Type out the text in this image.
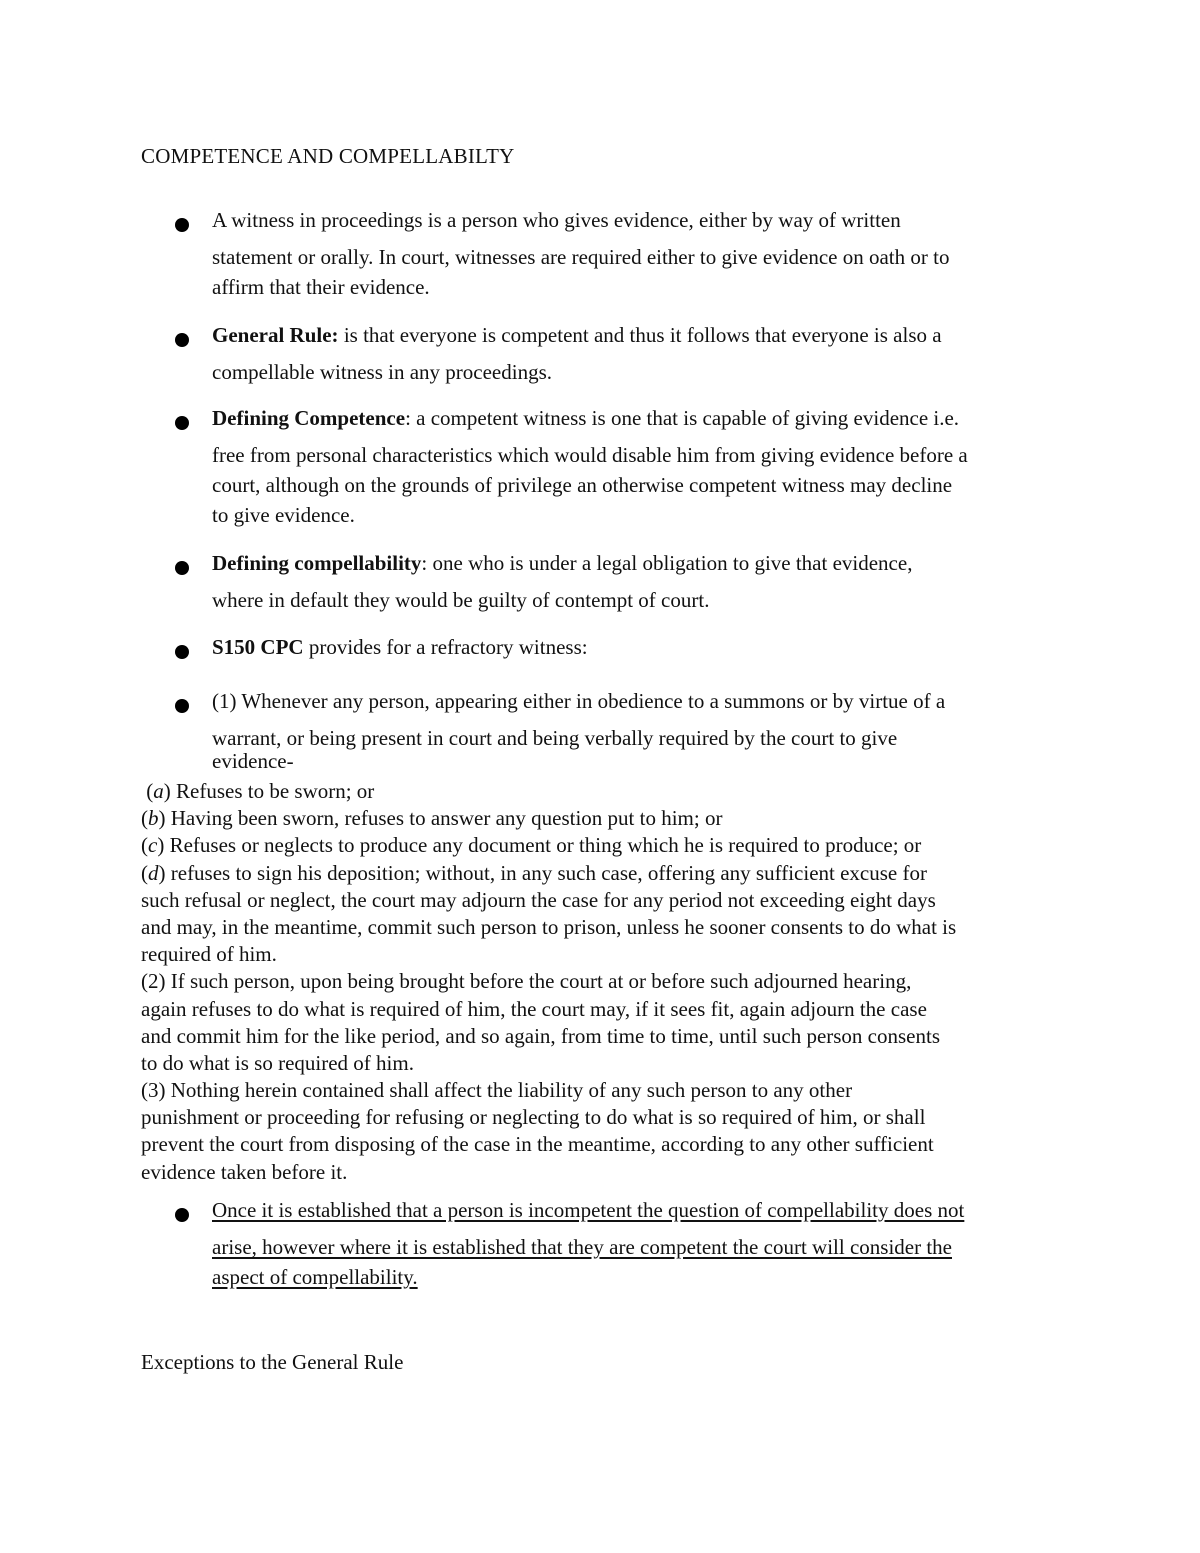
COMPETENCE AND COMPELLABILTY
A witness in proceedings is a person who gives evidence, either by way of written
statement or orally. In court, witnesses are required either to give evidence on oath or to
affirm that their evidence.
General Rule: is that everyone is competent and thus it follows that everyone is also a
compellable witness in any proceedings.
Defining Competence: a competent witness is one that is capable of giving evidence i.e.
free from personal characteristics which would disable him from giving evidence before a
court, although on the grounds of privilege an otherwise competent witness may decline
to give evidence.
Defining compellability: one who is under a legal obligation to give that evidence,
where in default they would be guilty of contempt of court.
S150 CPC provides for a refractory witness:
(1) Whenever any person, appearing either in obedience to a summons or by virtue of a
warrant, or being present in court and being verbally required by the court to give
evidence-
(a) Refuses to be sworn; or
(b) Having been sworn, refuses to answer any question put to him; or
(c) Refuses or neglects to produce any document or thing which he is required to produce; or
(d) refuses to sign his deposition; without, in any such case, offering any sufficient excuse for
such refusal or neglect, the court may adjourn the case for any period not exceeding eight days
and may, in the meantime, commit such person to prison, unless he sooner consents to do what is
required of him.
(2) If such person, upon being brought before the court at or before such adjourned hearing,
again refuses to do what is required of him, the court may, if it sees fit, again adjourn the case
and commit him for the like period, and so again, from time to time, until such person consents
to do what is so required of him.
(3) Nothing herein contained shall affect the liability of any such person to any other
punishment or proceeding for refusing or neglecting to do what is so required of him, or shall
prevent the court from disposing of the case in the meantime, according to any other sufficient
evidence taken before it.
Once it is established that a person is incompetent the question of compellability does not
arise, however where it is established that they are competent the court will consider the
aspect of compellability.
Exceptions to the General Rule
